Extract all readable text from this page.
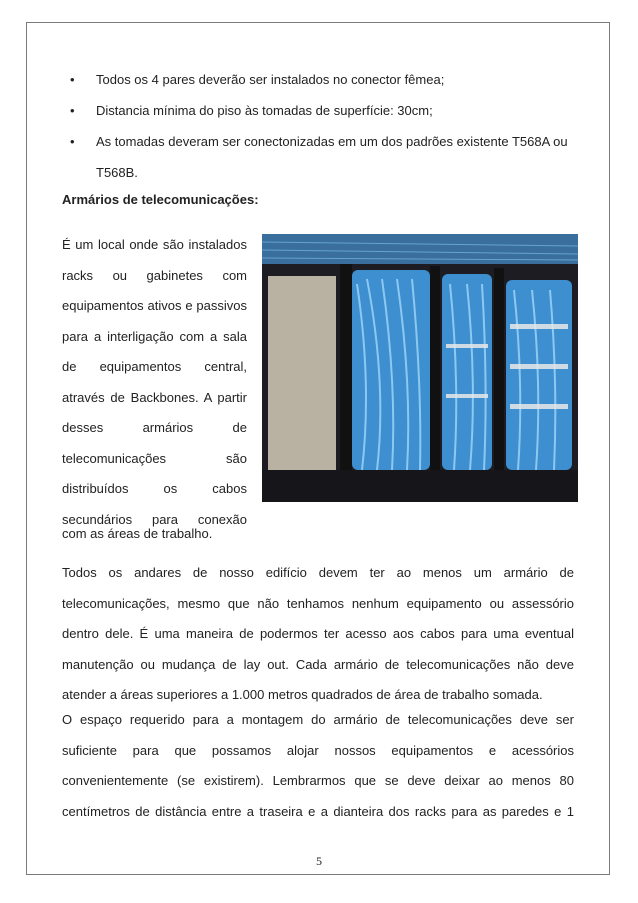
• Todos os 4 pares deverão ser instalados no conector fêmea;
• Distancia mínima do piso às tomadas de superfície: 30cm;
• As tomadas deveram ser conectonizadas em um dos padrões existente T568A ou T568B.

Armários de telecomunicações:

É um local onde são instalados racks ou gabinetes com equipamentos ativos e passivos para a interligação com a sala de equipamentos central, através de Backbones. A partir desses armários de telecomunicações são distribuídos os cabos secundários para conexão

com as áreas de trabalho.

Todos os andares de nosso edifício devem ter ao menos um armário de telecomunicações, mesmo que não tenhamos nenhum equipamento ou assessório dentro dele. É uma maneira de podermos ter acesso aos cabos para uma eventual manutenção ou mudança de lay out. Cada armário de telecomunicações não deve atender a áreas superiores a 1.000 metros quadrados de área de trabalho somada.

O espaço requerido para a montagem do armário de telecomunicações deve ser suficiente para que possamos alojar nossos equipamentos e acessórios convenientemente (se existirem). Lembrarmos que se deve deixar ao menos 80 centímetros de distância entre a traseira e a dianteira dos racks para as paredes e 1

5
